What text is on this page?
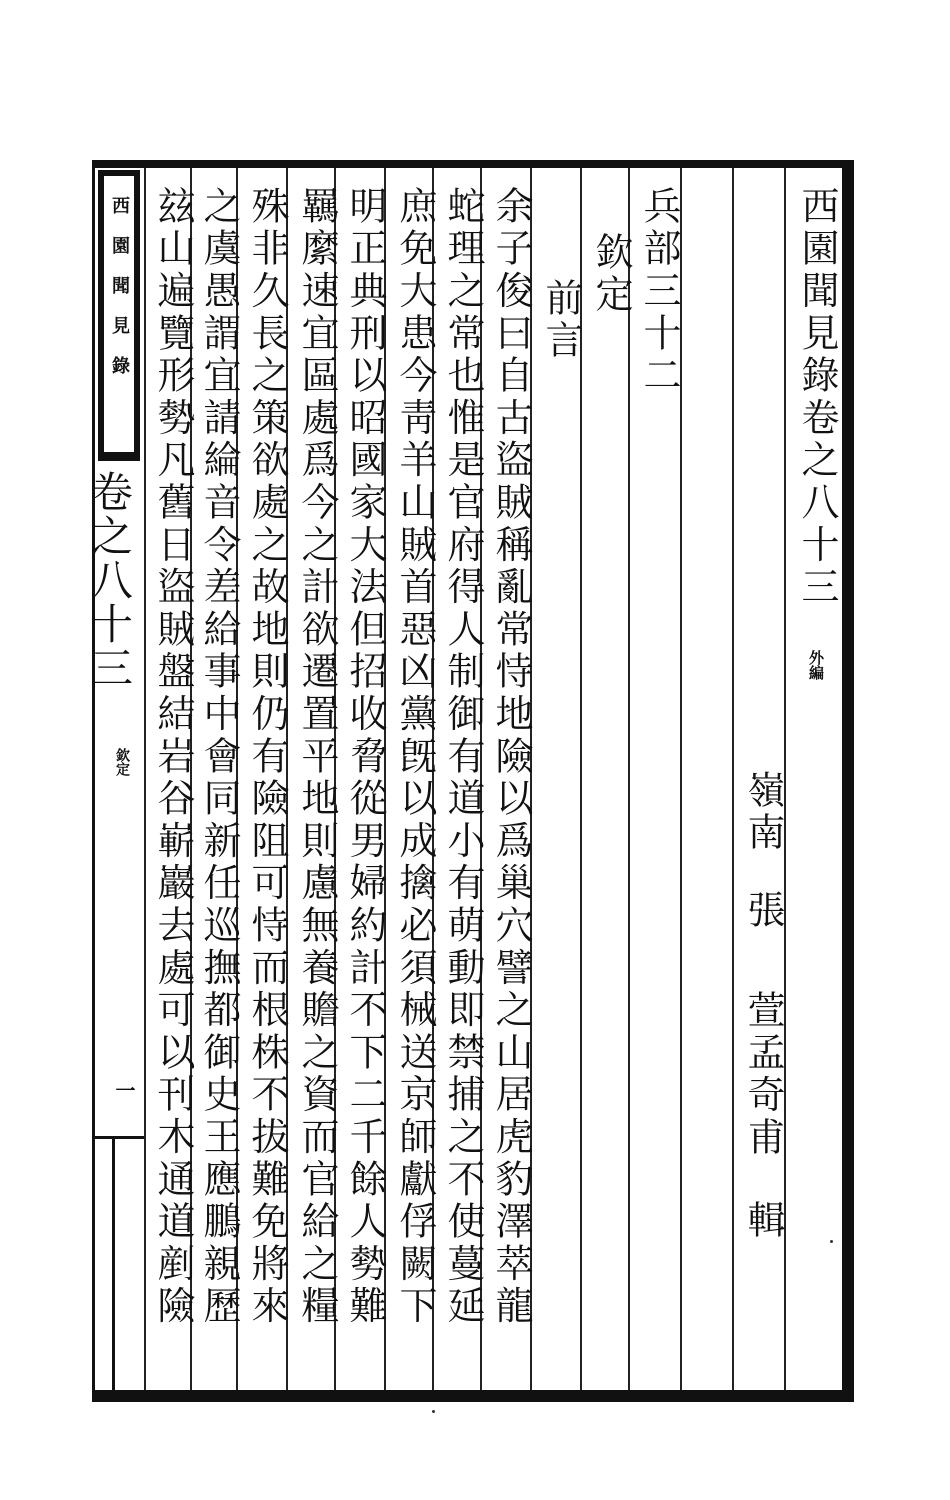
西園聞見錄
卷之八十三
欽定
一
西園聞見錄卷之八十三
外編
嶺南
張
萱孟奇甫
輯
兵部三十二
欽定
前言
余子俊曰自古盜賊稱亂常恃地險以爲巢穴譬之山居虎豹澤萃龍
蛇理之常也惟是官府得人制御有道小有萌動即禁捕之不使蔓延
庶免大患今靑羊山賊首惡凶黨旣以成擒必須械送京師獻俘闕下
明正典刑以昭國家大法但招收脅從男婦約計不下二千餘人勢難
羈縻速宜區處爲今之計欲遷置平地則慮無養贍之資而官給之糧
殊非久長之策欲處之故地則仍有險阻可恃而根株不拔難免將來
之虞愚謂宜請綸音令差給事中會同新任巡撫都御史王應鵬親歷
玆山遍覽形勢凡舊日盜賊盤結岩谷嶄巖去處可以刊木通道剷險
